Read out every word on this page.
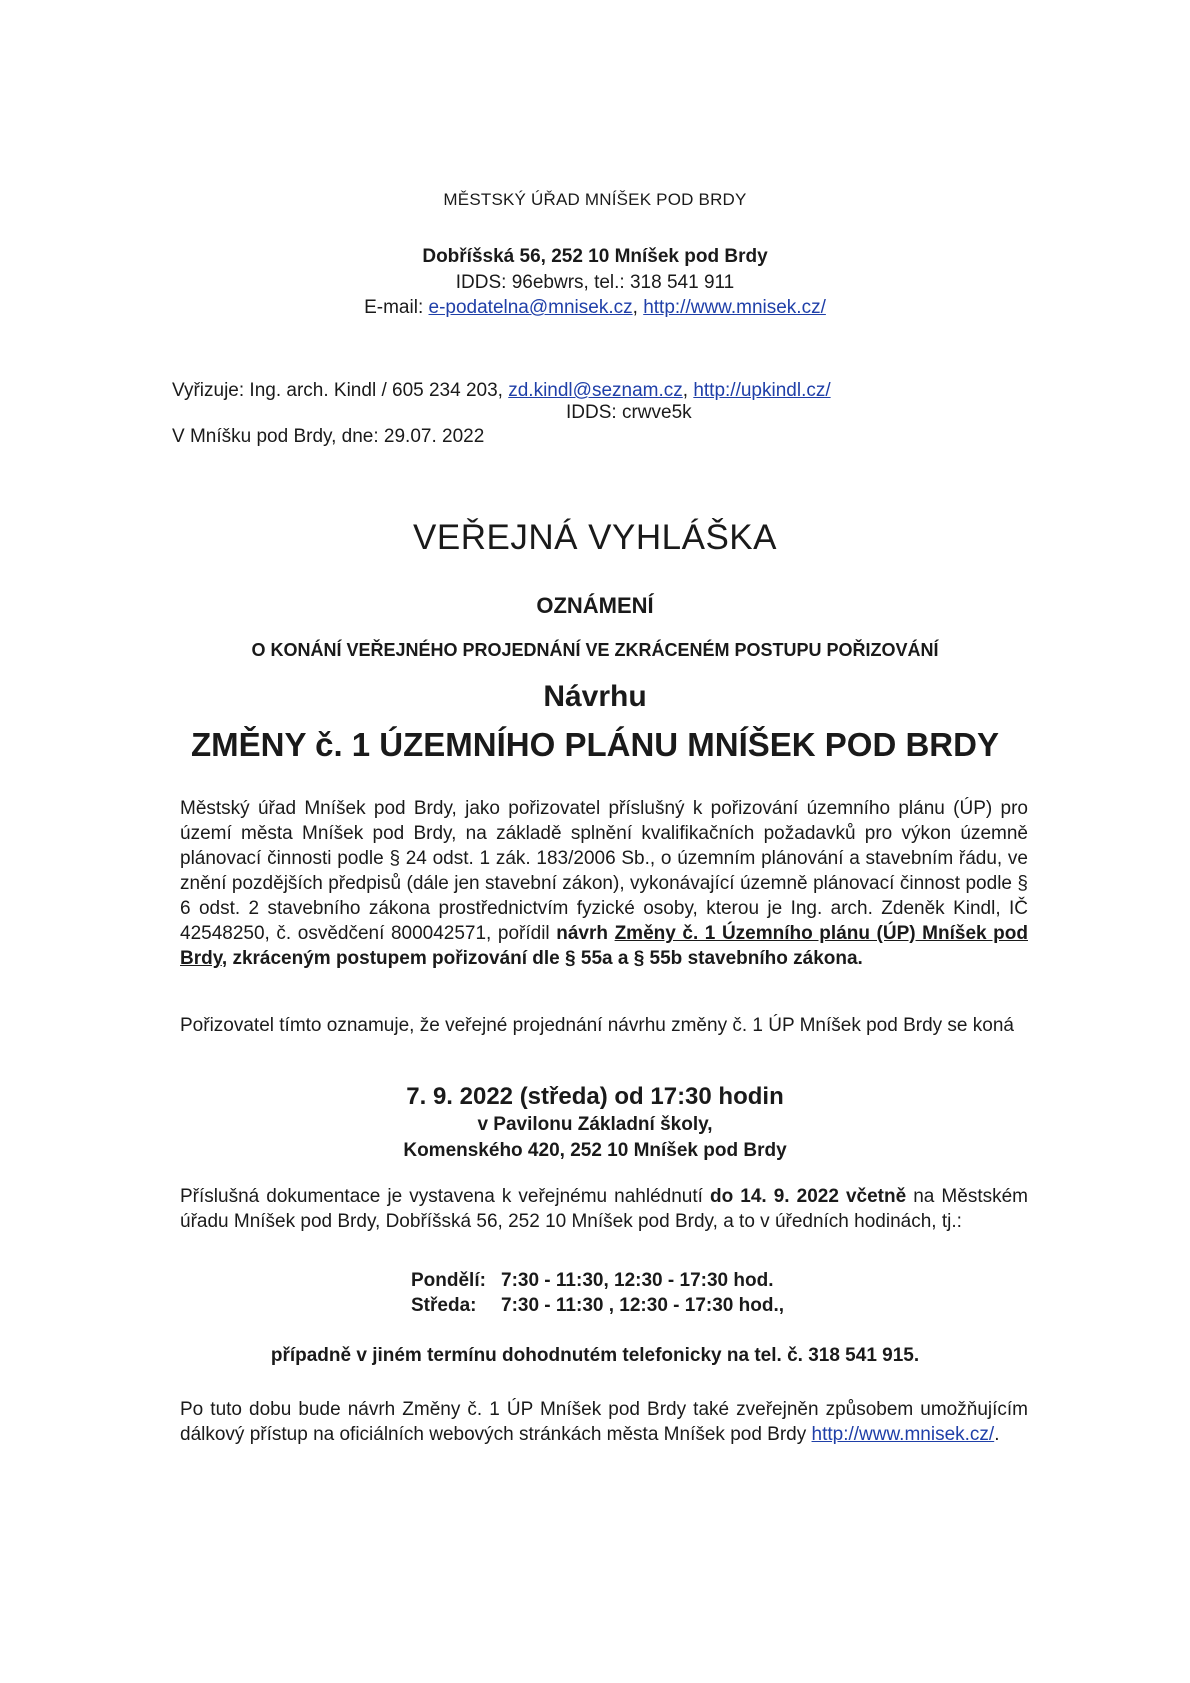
MĚSTSKÝ ÚŘAD MNÍŠEK POD BRDY
Dobříšská 56, 252 10 Mníšek pod Brdy
IDDS: 96ebwrs, tel.: 318 541 911
E-mail: e-podatelna@mnisek.cz, http://www.mnisek.cz/
Vyřizuje: Ing. arch. Kindl / 605 234 203, zd.kindl@seznam.cz, http://upkindl.cz/
IDDS: crwve5k
V Mníšku pod Brdy, dne: 29.07. 2022
VEŘEJNÁ VYHLÁŠKA
OZNÁMENÍ
O KONÁNÍ VEŘEJNÉHO PROJEDNÁNÍ VE ZKRÁCENÉM POSTUPU POŘIZOVÁNÍ
Návrhu
ZMĚNY č. 1 ÚZEMNÍHO PLÁNU MNÍŠEK POD BRDY
Městský úřad Mníšek pod Brdy, jako pořizovatel příslušný k pořizování územního plánu (ÚP) pro území města Mníšek pod Brdy, na základě splnění kvalifikačních požadavků pro výkon územně plánovací činnosti podle § 24 odst. 1 zák. 183/2006 Sb., o územním plánování a stavebním řádu, ve znění pozdějších předpisů (dále jen stavební zákon), vykonávající územně plánovací činnost podle § 6 odst. 2 stavebního zákona prostřednictvím fyzické osoby, kterou je Ing. arch. Zdeněk Kindl, IČ 42548250, č. osvědčení 800042571, pořídil návrh Změny č. 1 Územního plánu (ÚP) Mníšek pod Brdy, zkráceným postupem pořizování dle § 55a a § 55b stavebního zákona.
Pořizovatel tímto oznamuje, že veřejné projednání návrhu změny č. 1 ÚP Mníšek pod Brdy se koná
7. 9. 2022 (středa) od 17:30 hodin
v Pavilonu Základní školy,
Komenského 420, 252 10 Mníšek pod Brdy
Příslušná dokumentace je vystavena k veřejnému nahlédnutí do 14. 9. 2022 včetně na Městském úřadu Mníšek pod Brdy, Dobříšská 56, 252 10 Mníšek pod Brdy, a to v úředních hodinách, tj.:
Pondělí: 7:30 - 11:30, 12:30 - 17:30 hod.
Středa: 7:30 - 11:30 , 12:30 - 17:30 hod.,
případně v jiném termínu dohodnutém telefonicky na tel. č. 318 541 915.
Po tuto dobu bude návrh Změny č. 1 ÚP Mníšek pod Brdy také zveřejněn způsobem umožňujícím dálkový přístup na oficiálních webových stránkách města Mníšek pod Brdy http://www.mnisek.cz/.
